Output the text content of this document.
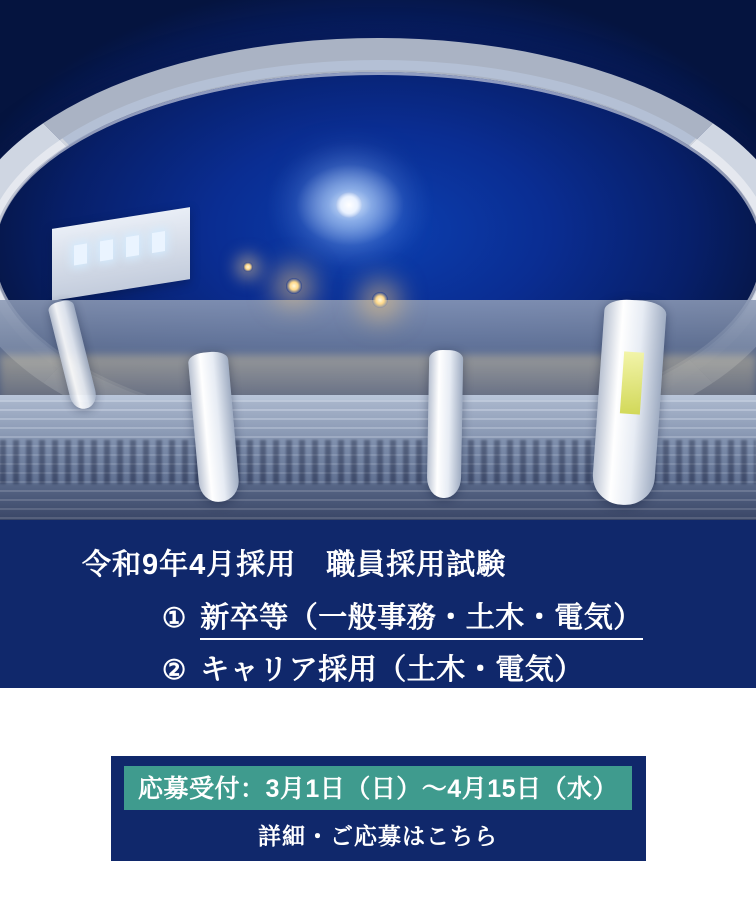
令和9年4月採用　職員採用試験
① 新卒等（一般事務・土木・電気）
② キャリア採用（土木・電気）
応募受付：3月1日（日）〜4月15日（水）
詳細・ご応募はこちら
